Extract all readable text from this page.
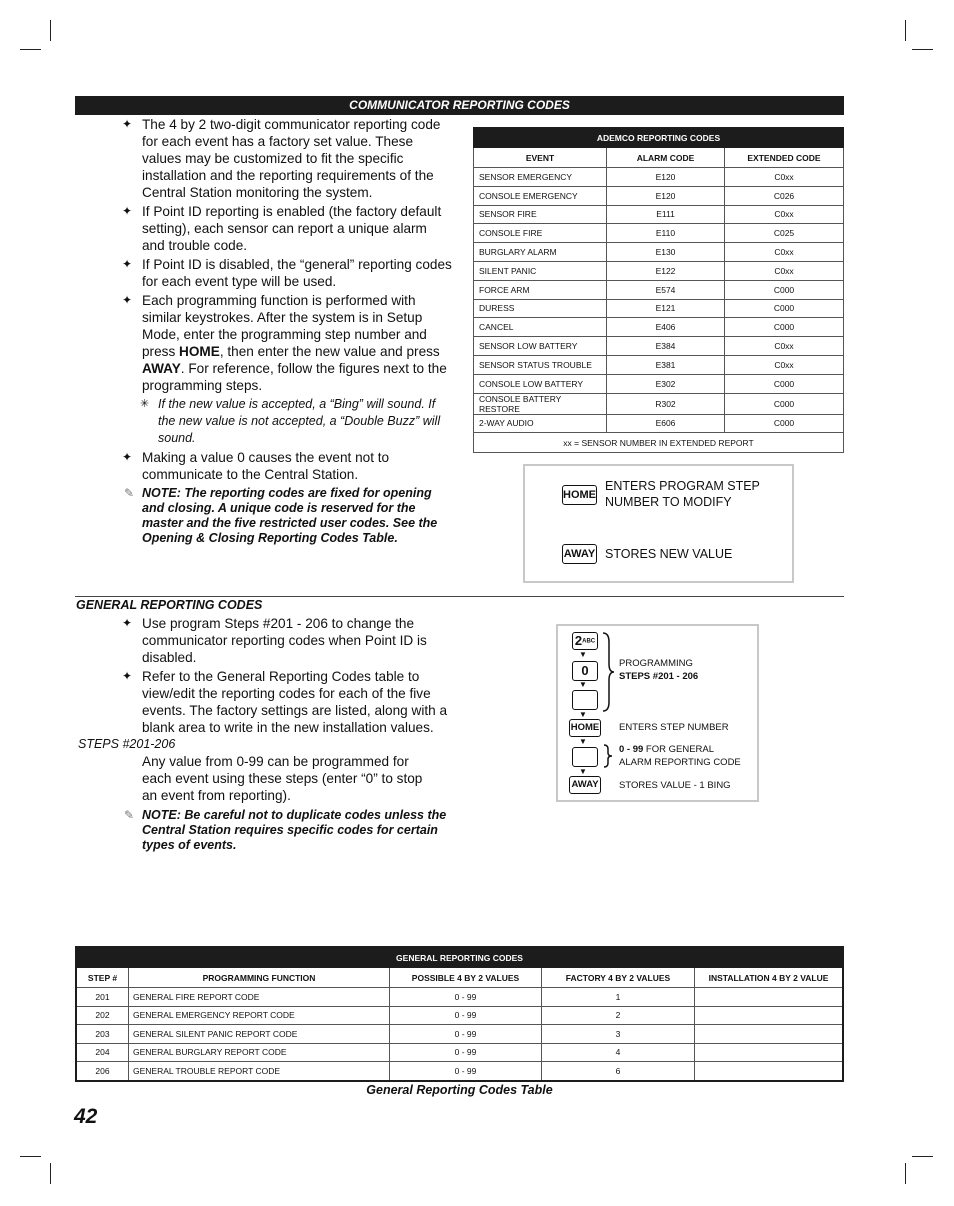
COMMUNICATOR REPORTING CODES
✦ The 4 by 2 two-digit communicator reporting code for each event has a factory set value. These values may be customized to fit the specific installation and the reporting requirements of the Central Station monitoring the system.
✦ If Point ID reporting is enabled (the factory default setting), each sensor can report a unique alarm and trouble code.
✦ If Point ID is disabled, the “general” reporting codes for each event type will be used.
✦ Each programming function is performed with similar keystrokes. After the system is in Setup Mode, enter the programming step number and press HOME, then enter the new value and press AWAY. For reference, follow the figures next to the programming steps.
✳ If the new value is accepted, a “Bing” will sound. If the new value is not accepted, a “Double Buzz” will sound.
✦ Making a value 0 causes the event not to communicate to the Central Station.
✎ NOTE: The reporting codes are fixed for opening and closing. A unique code is reserved for the master and the five restricted user codes. See the Opening & Closing Reporting Codes Table.
ADEMCO REPORTING CODES		
EVENT	ALARM CODE	EXTENDED CODE
SENSOR EMERGENCY	E120	C0xx
CONSOLE EMERGENCY	E120	C026
SENSOR FIRE	E111	C0xx
CONSOLE FIRE	E110	C025
BURGLARY ALARM	E130	C0xx
SILENT PANIC	E122	C0xx
FORCE ARM	E574	C000
DURESS	E121	C000
CANCEL	E406	C000
SENSOR LOW BATTERY	E384	C0xx
SENSOR STATUS TROUBLE	E381	C0xx
CONSOLE LOW BATTERY	E302	C000
CONSOLE BATTERY RESTORE	R302	C000
2-WAY AUDIO	E606	C000
xx = SENSOR NUMBER IN EXTENDED REPORT		
HOME
ENTERS PROGRAM STEP NUMBER TO MODIFY
AWAY STORES NEW VALUE
GENERAL REPORTING CODES
✦ Use program Steps #201 - 206 to change the communicator reporting codes when Point ID is disabled.
✦ Refer to the General Reporting Codes table to view/edit the reporting codes for each of the five events. The factory settings are listed, along with a blank area to write in the new installation values.
STEPS #201-206
Any value from 0-99 can be programmed for each event using these steps (enter “0” to stop an event from reporting).
✎ NOTE: Be careful not to duplicate codes unless the Central Station requires specific codes for certain types of events.
2ABC
▼
0
▼
▼
HOME
▼
▼
AWAY
PROGRAMMING
STEPS #201 - 206
ENTERS STEP NUMBER
0 - 99 FOR GENERAL
ALARM REPORTING CODE
STORES VALUE - 1 BING
GENERAL REPORTING CODES				
STEP #	PROGRAMMING FUNCTION	POSSIBLE 4 BY 2 VALUES	FACTORY 4 BY 2 VALUES	INSTALLATION 4 BY 2 VALUE
201	GENERAL FIRE REPORT CODE	0 - 99	1	
202	GENERAL EMERGENCY REPORT CODE	0 - 99	2	
203	GENERAL SILENT PANIC REPORT CODE	0 - 99	3	
204	GENERAL BURGLARY REPORT CODE	0 - 99	4	
206	GENERAL TROUBLE REPORT CODE	0 - 99	6	
General Reporting Codes Table
42
